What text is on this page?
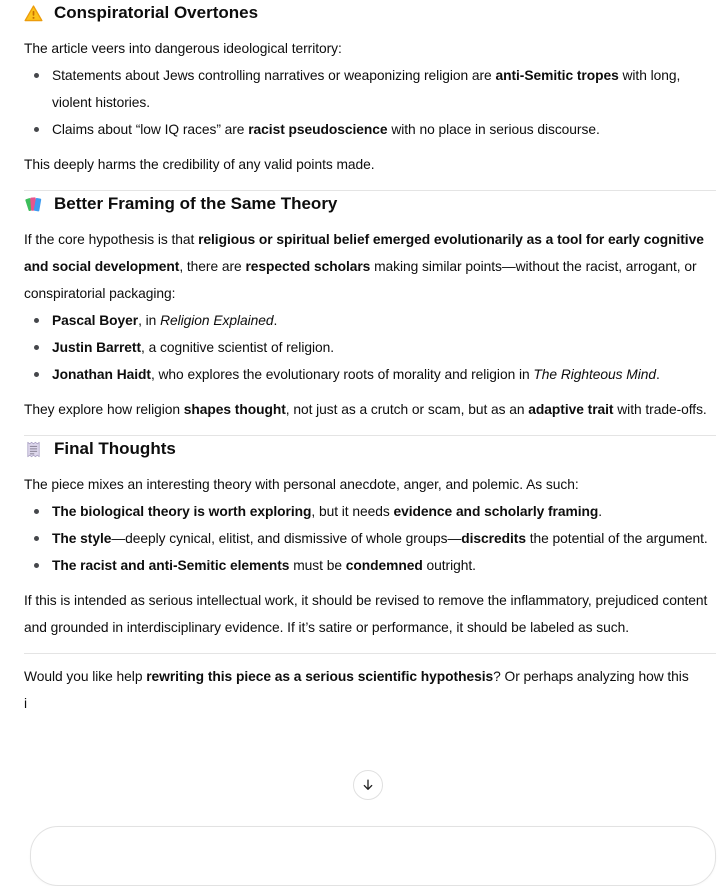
Conspiratorial Overtones

The article veers into dangerous ideological territory:

Statements about Jews controlling narratives or weaponizing religion are anti-Semitic tropes with long, violent histories.
Claims about “low IQ races” are racist pseudoscience with no place in serious discourse.

This deeply harms the credibility of any valid points made.

Better Framing of the Same Theory

If the core hypothesis is that religious or spiritual belief emerged evolutionarily as a tool for early cognitive and social development, there are respected scholars making similar points—without the racist, arrogant, or conspiratorial packaging:

Pascal Boyer, in Religion Explained.
Justin Barrett, a cognitive scientist of religion.
Jonathan Haidt, who explores the evolutionary roots of morality and religion in The Righteous Mind.

They explore how religion shapes thought, not just as a crutch or scam, but as an adaptive trait with trade-offs.

Final Thoughts

The piece mixes an interesting theory with personal anecdote, anger, and polemic. As such:

The biological theory is worth exploring, but it needs evidence and scholarly framing.
The style—deeply cynical, elitist, and dismissive of whole groups—discredits the potential of the argument.
The racist and anti-Semitic elements must be condemned outright.

If this is intended as serious intellectual work, it should be revised to remove the inflammatory, prejudiced content and grounded in interdisciplinary evidence. If it’s satire or performance, it should be labeled as such.

Would you like help rewriting this piece as a serious scientific hypothesis? Or perhaps analyzing how this

i
